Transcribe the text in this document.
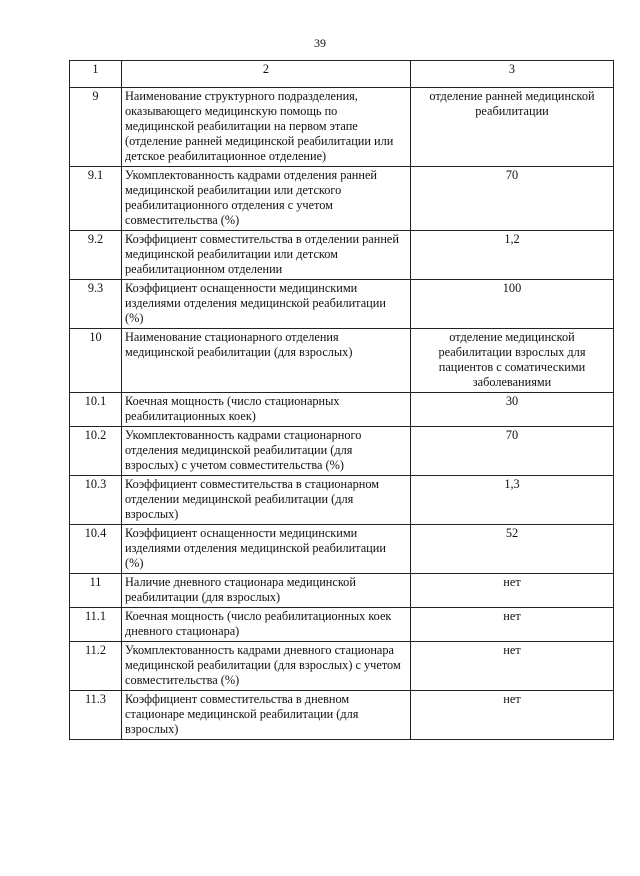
39
1	2	3
9	Наименование структурного подразделения, оказывающего медицинскую помощь по медицинской реабилитации на первом этапе (отделение ранней медицинской реабилитации или детское реабилитационное отделение)	отделение ранней медицинской реабилитации
9.1	Укомплектованность кадрами отделения ранней медицинской реабилитации или детского реабилитационного отделения с учетом совместительства (%)	70
9.2	Коэффициент совместительства в отделении ранней медицинской реабилитации или детском реабилитационном отделении	1,2
9.3	Коэффициент оснащенности медицинскими изделиями отделения медицинской реабилитации (%)	100
10	Наименование стационарного отделения медицинской реабилитации (для взрослых)	отделение медицинской реабилитации взрослых для пациентов с соматическими заболеваниями
10.1	Коечная мощность (число стационарных реабилитационных коек)	30
10.2	Укомплектованность кадрами стационарного отделения медицинской реабилитации (для взрослых) с учетом совместительства (%)	70
10.3	Коэффициент совместительства в стационарном отделении медицинской реабилитации (для взрослых)	1,3
10.4	Коэффициент оснащенности медицинскими изделиями отделения медицинской реабилитации (%)	52
11	Наличие дневного стационара медицинской реабилитации (для взрослых)	нет
11.1	Коечная мощность (число реабилитационных коек дневного стационара)	нет
11.2	Укомплектованность кадрами дневного стационара медицинской реабилитации (для взрослых) с учетом совместительства (%)	нет
11.3	Коэффициент совместительства в дневном стационаре медицинской реабилитации (для взрослых)	нет
